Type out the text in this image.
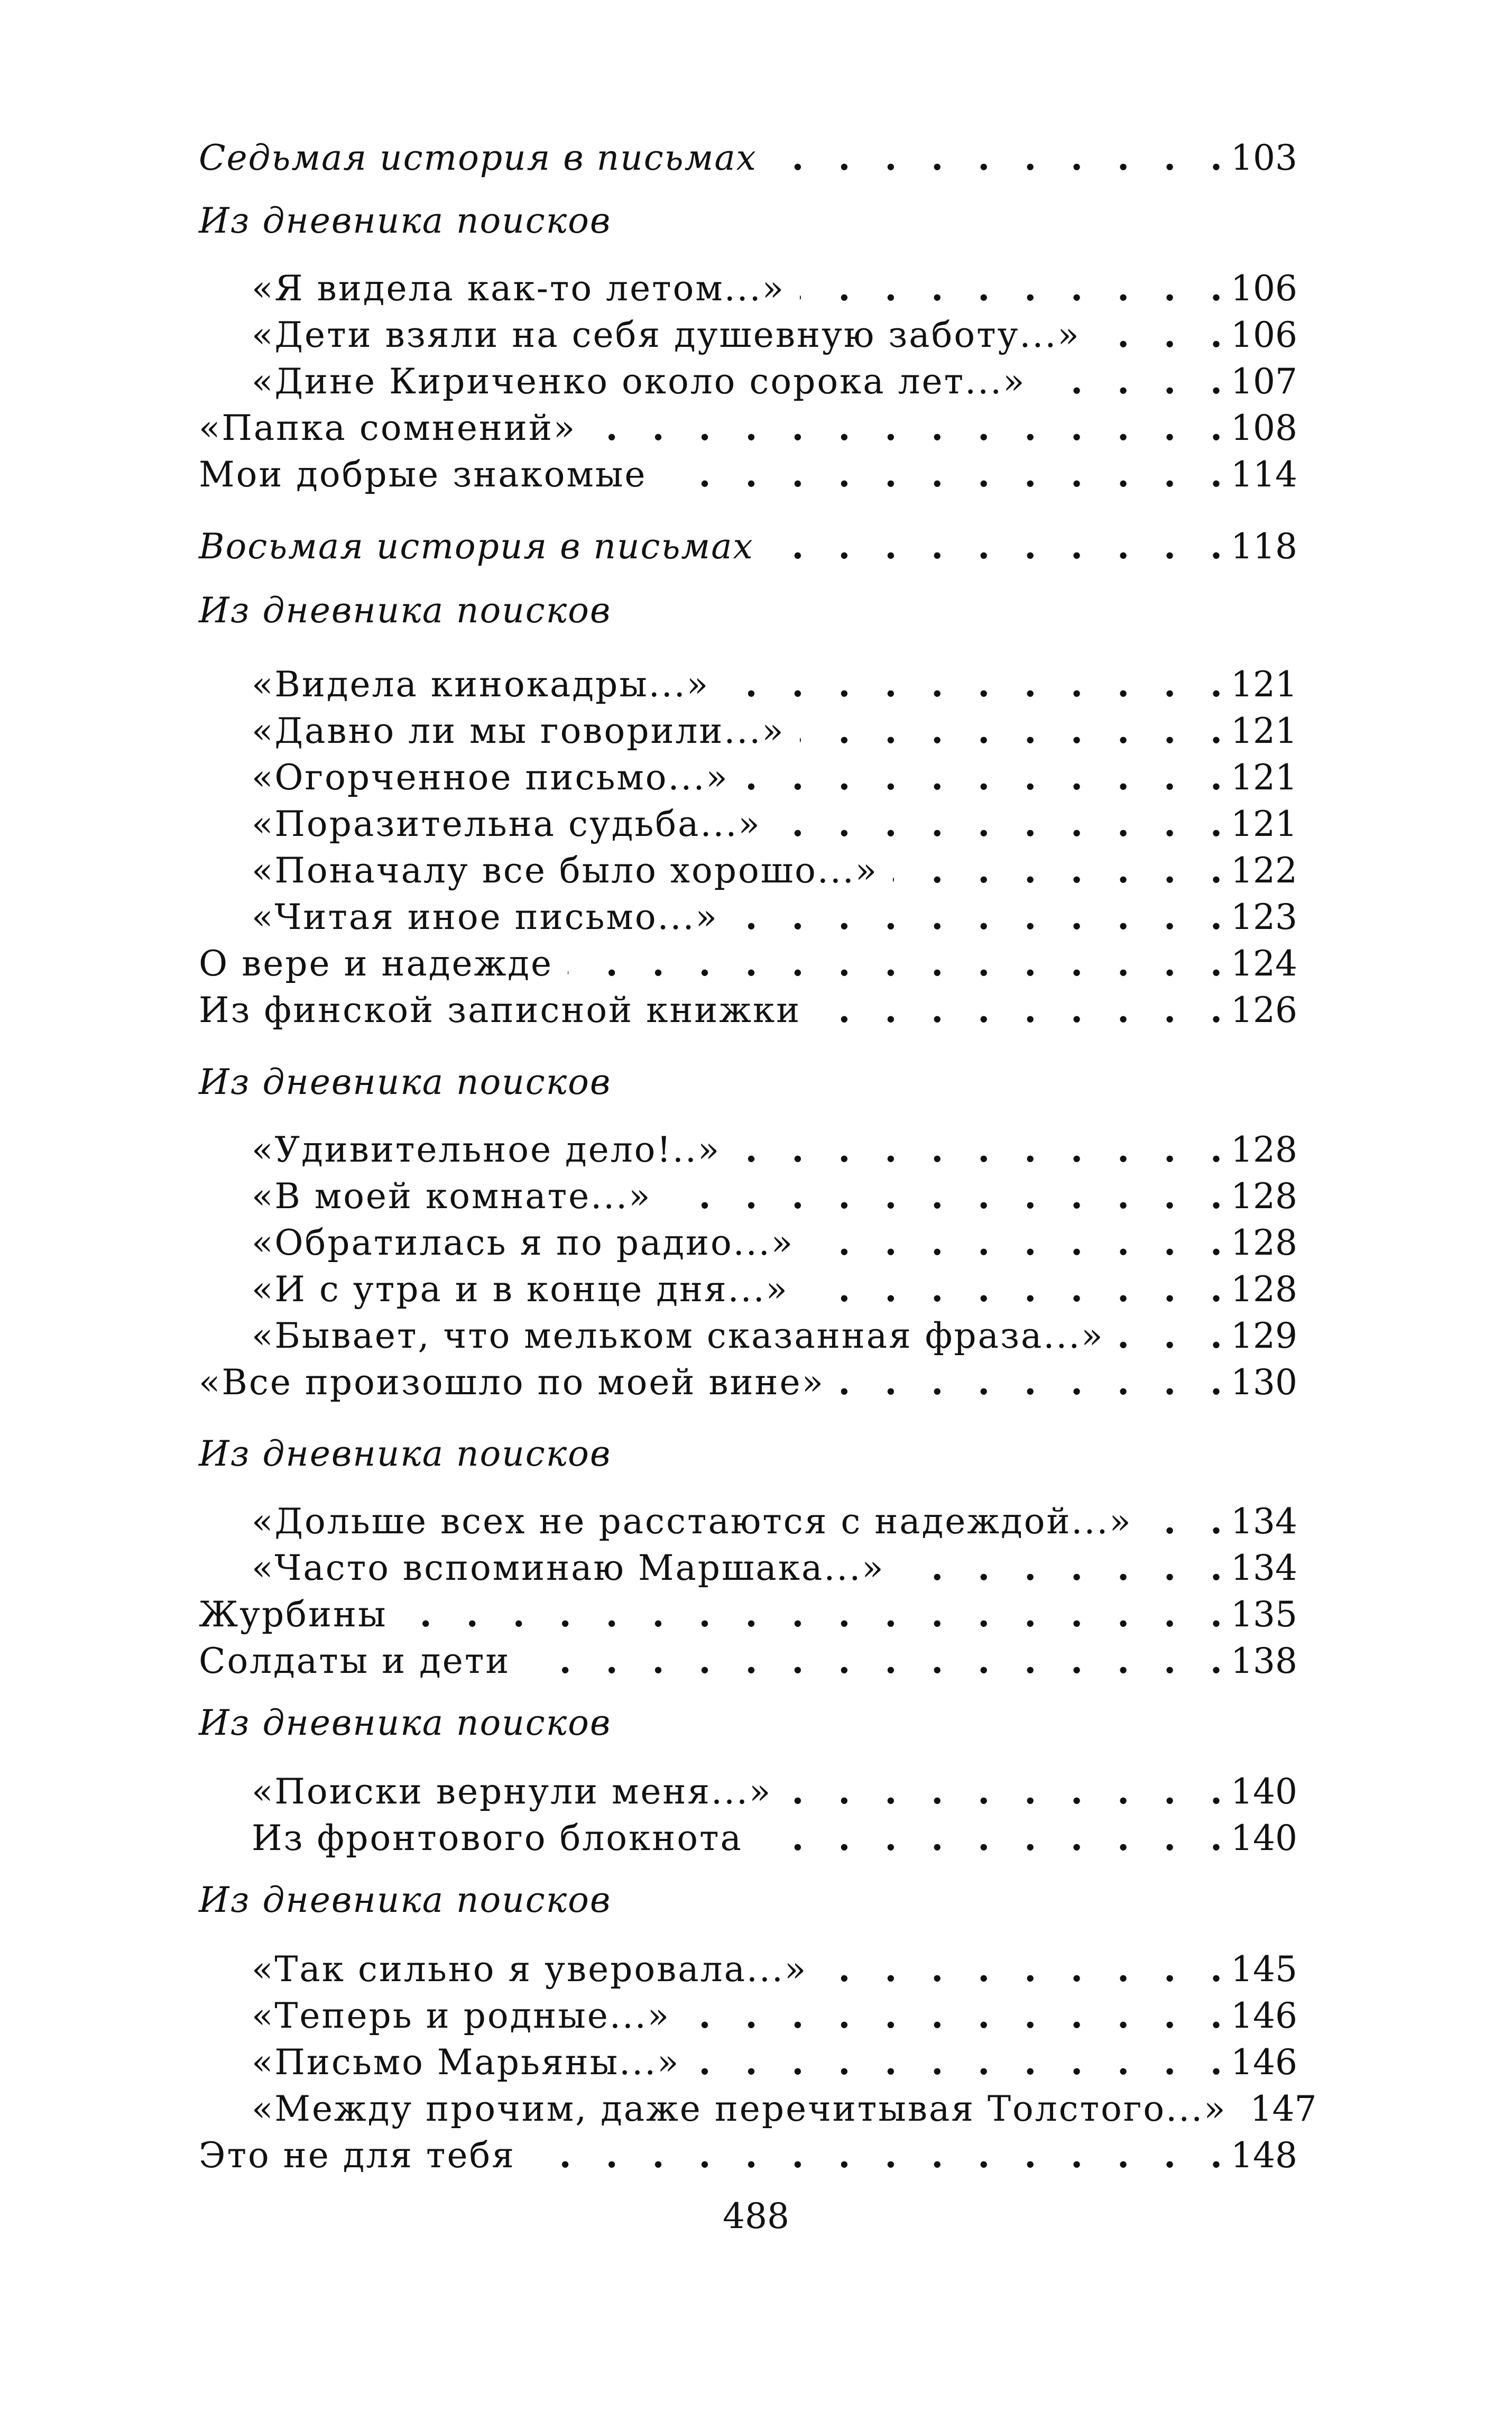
Седьмая история в письмах . . .	103
Из дневника поисков
«Я видела как-то летом...» . . .	106
«Дети взяли на себя душевную заботу...» . . .	106
«Дине Кириченко около сорока лет...» . . .	107
«Папка сомнений» . . .	108
Мои добрые знакомые . . .	114
Восьмая история в письмах . . .	118
Из дневника поисков
«Видела кинокадры...» . . .	121
«Давно ли мы говорили...» . . .	121
«Огорченное письмо...» . . .	121
«Поразительна судьба...» . . .	121
«Поначалу все было хорошо...» . . .	122
«Читая иное письмо...» . . .	123
О вере и надежде . . .	124
Из финской записной книжки . . .	126
Из дневника поисков
«Удивительное дело!..» . . .	128
«В моей комнате...» . . .	128
«Обратилась я по радио...» . . .	128
«И с утра и в конце дня...» . . .	128
«Бывает, что мельком сказанная фраза...» . . .	129
«Все произошло по моей вине» . . .	130
Из дневника поисков
«Дольше всех не расстаются с надеждой...» . . .	134
«Часто вспоминаю Маршака...» . . .	134
Журбины . . .	135
Солдаты и дети . . .	138
Из дневника поисков
«Поиски вернули меня...» . . .	140
Из фронтового блокнота . . .	140
Из дневника поисков
«Так сильно я уверовала...» . . .	145
«Теперь и родные...» . . .	146
«Письмо Марьяны...» . . .	146
«Между прочим, даже перечитывая Толстого...» 147
Это не для тебя . . .	148
488
